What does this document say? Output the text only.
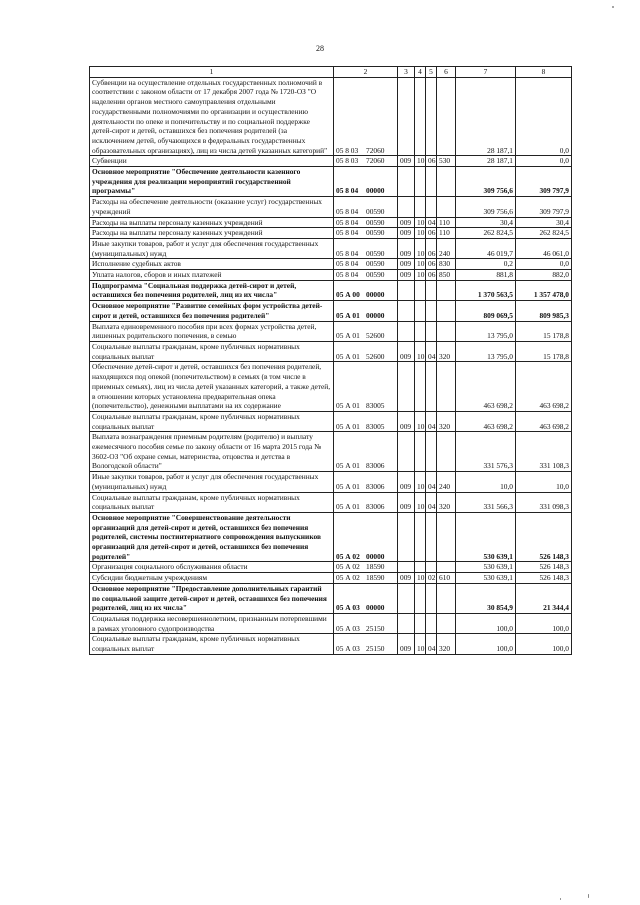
28
1	2	3	4	5	6	7	8
Субвенции на осуществление отдельных государственных полномочий в соответствии с законом области от 17 декабря 2007 года № 1720-ОЗ "О наделении органов местного самоуправления отдельными государственными полномочиями по организации и осуществлению деятельности по опеке и попечительству и по социальной поддержке детей-сирот и детей, оставшихся без попечения родителей (за исключением детей, обучающихся в федеральных государственных образовательных организациях), лиц из числа детей указанных категорий"	05 8 03 72060					28 187,1	0,0
Субвенции	05 8 03 72060	009	10	06	530	28 187,1	0,0
Основное мероприятие "Обеспечение деятельности казенного учреждения для реализации мероприятий государственной программы"	05 8 04 00000					309 756,6	309 797,9
Расходы на обеспечение деятельности (оказание услуг) государственных учреждений	05 8 04 00590					309 756,6	309 797,9
Расходы на выплаты персоналу казенных учреждений	05 8 04 00590	009	10	04	110	30,4	30,4
Расходы на выплаты персоналу казенных учреждений	05 8 04 00590	009	10	06	110	262 824,5	262 824,5
Иные закупки товаров, работ и услуг для обеспечения государственных (муниципальных) нужд	05 8 04 00590	009	10	06	240	46 019,7	46 061,0
Исполнение судебных актов	05 8 04 00590	009	10	06	830	0,2	0,0
Уплата налогов, сборов и иных платежей	05 8 04 00590	009	10	06	850	881,8	882,0
Подпрограмма "Социальная поддержка детей-сирот и детей, оставшихся без попечения родителей, лиц из их числа"	05 А 00 00000					1 370 563,5	1 357 478,0
Основное мероприятие "Развитие семейных форм устройства детей-сирот и детей, оставшихся без попечения родителей"	05 А 01 00000					809 069,5	809 985,3
Выплата единовременного пособия при всех формах устройства детей, лишенных родительского попечения, в семью	05 А 01 52600					13 795,0	15 178,8
Социальные выплаты гражданам, кроме публичных нормативных социальных выплат	05 А 01 52600	009	10	04	320	13 795,0	15 178,8
Обеспечение детей-сирот и детей, оставшихся без попечения родителей, находящихся под опекой (попечительством) в семьях (в том числе в приемных семьях), лиц из числа детей указанных категорий, а также детей, в отношении которых установлена предварительная опека (попечительство), денежными выплатами на их содержание	05 А 01 83005					463 698,2	463 698,2
Социальные выплаты гражданам, кроме публичных нормативных социальных выплат	05 А 01 83005	009	10	04	320	463 698,2	463 698,2
Выплата вознаграждения приемным родителям (родителю) и выплату ежемесячного пособия семье по закону области от 16 марта 2015 года № 3602-ОЗ "Об охране семьи, материнства, отцовства и детства в Вологодской области"	05 А 01 83006					331 576,3	331 108,3
Иные закупки товаров, работ и услуг для обеспечения государственных (муниципальных) нужд	05 А 01 83006	009	10	04	240	10,0	10,0
Социальные выплаты гражданам, кроме публичных нормативных социальных выплат	05 А 01 83006	009	10	04	320	331 566,3	331 098,3
Основное мероприятие "Совершенствование деятельности организаций для детей-сирот и детей, оставшихся без попечения родителей, системы постинтернатного сопровождения выпускников организаций для детей-сирот и детей, оставшихся без попечения родителей"	05 А 02 00000					530 639,1	526 148,3
Организация социального обслуживания области	05 А 02 18590					530 639,1	526 148,3
Субсидии бюджетным учреждениям	05 А 02 18590	009	10	02	610	530 639,1	526 148,3
Основное мероприятие "Предоставление дополнительных гарантий по социальной защите детей-сирот и детей, оставшихся без попечения родителей, лиц из их числа"	05 А 03 00000					30 854,9	21 344,4
Социальная поддержка несовершеннолетним, признанным потерпевшими в рамках уголовного судопроизводства	05 А 03 25150					100,0	100,0
Социальные выплаты гражданам, кроме публичных нормативных социальных выплат	05 А 03 25150	009	10	04	320	100,0	100,0
